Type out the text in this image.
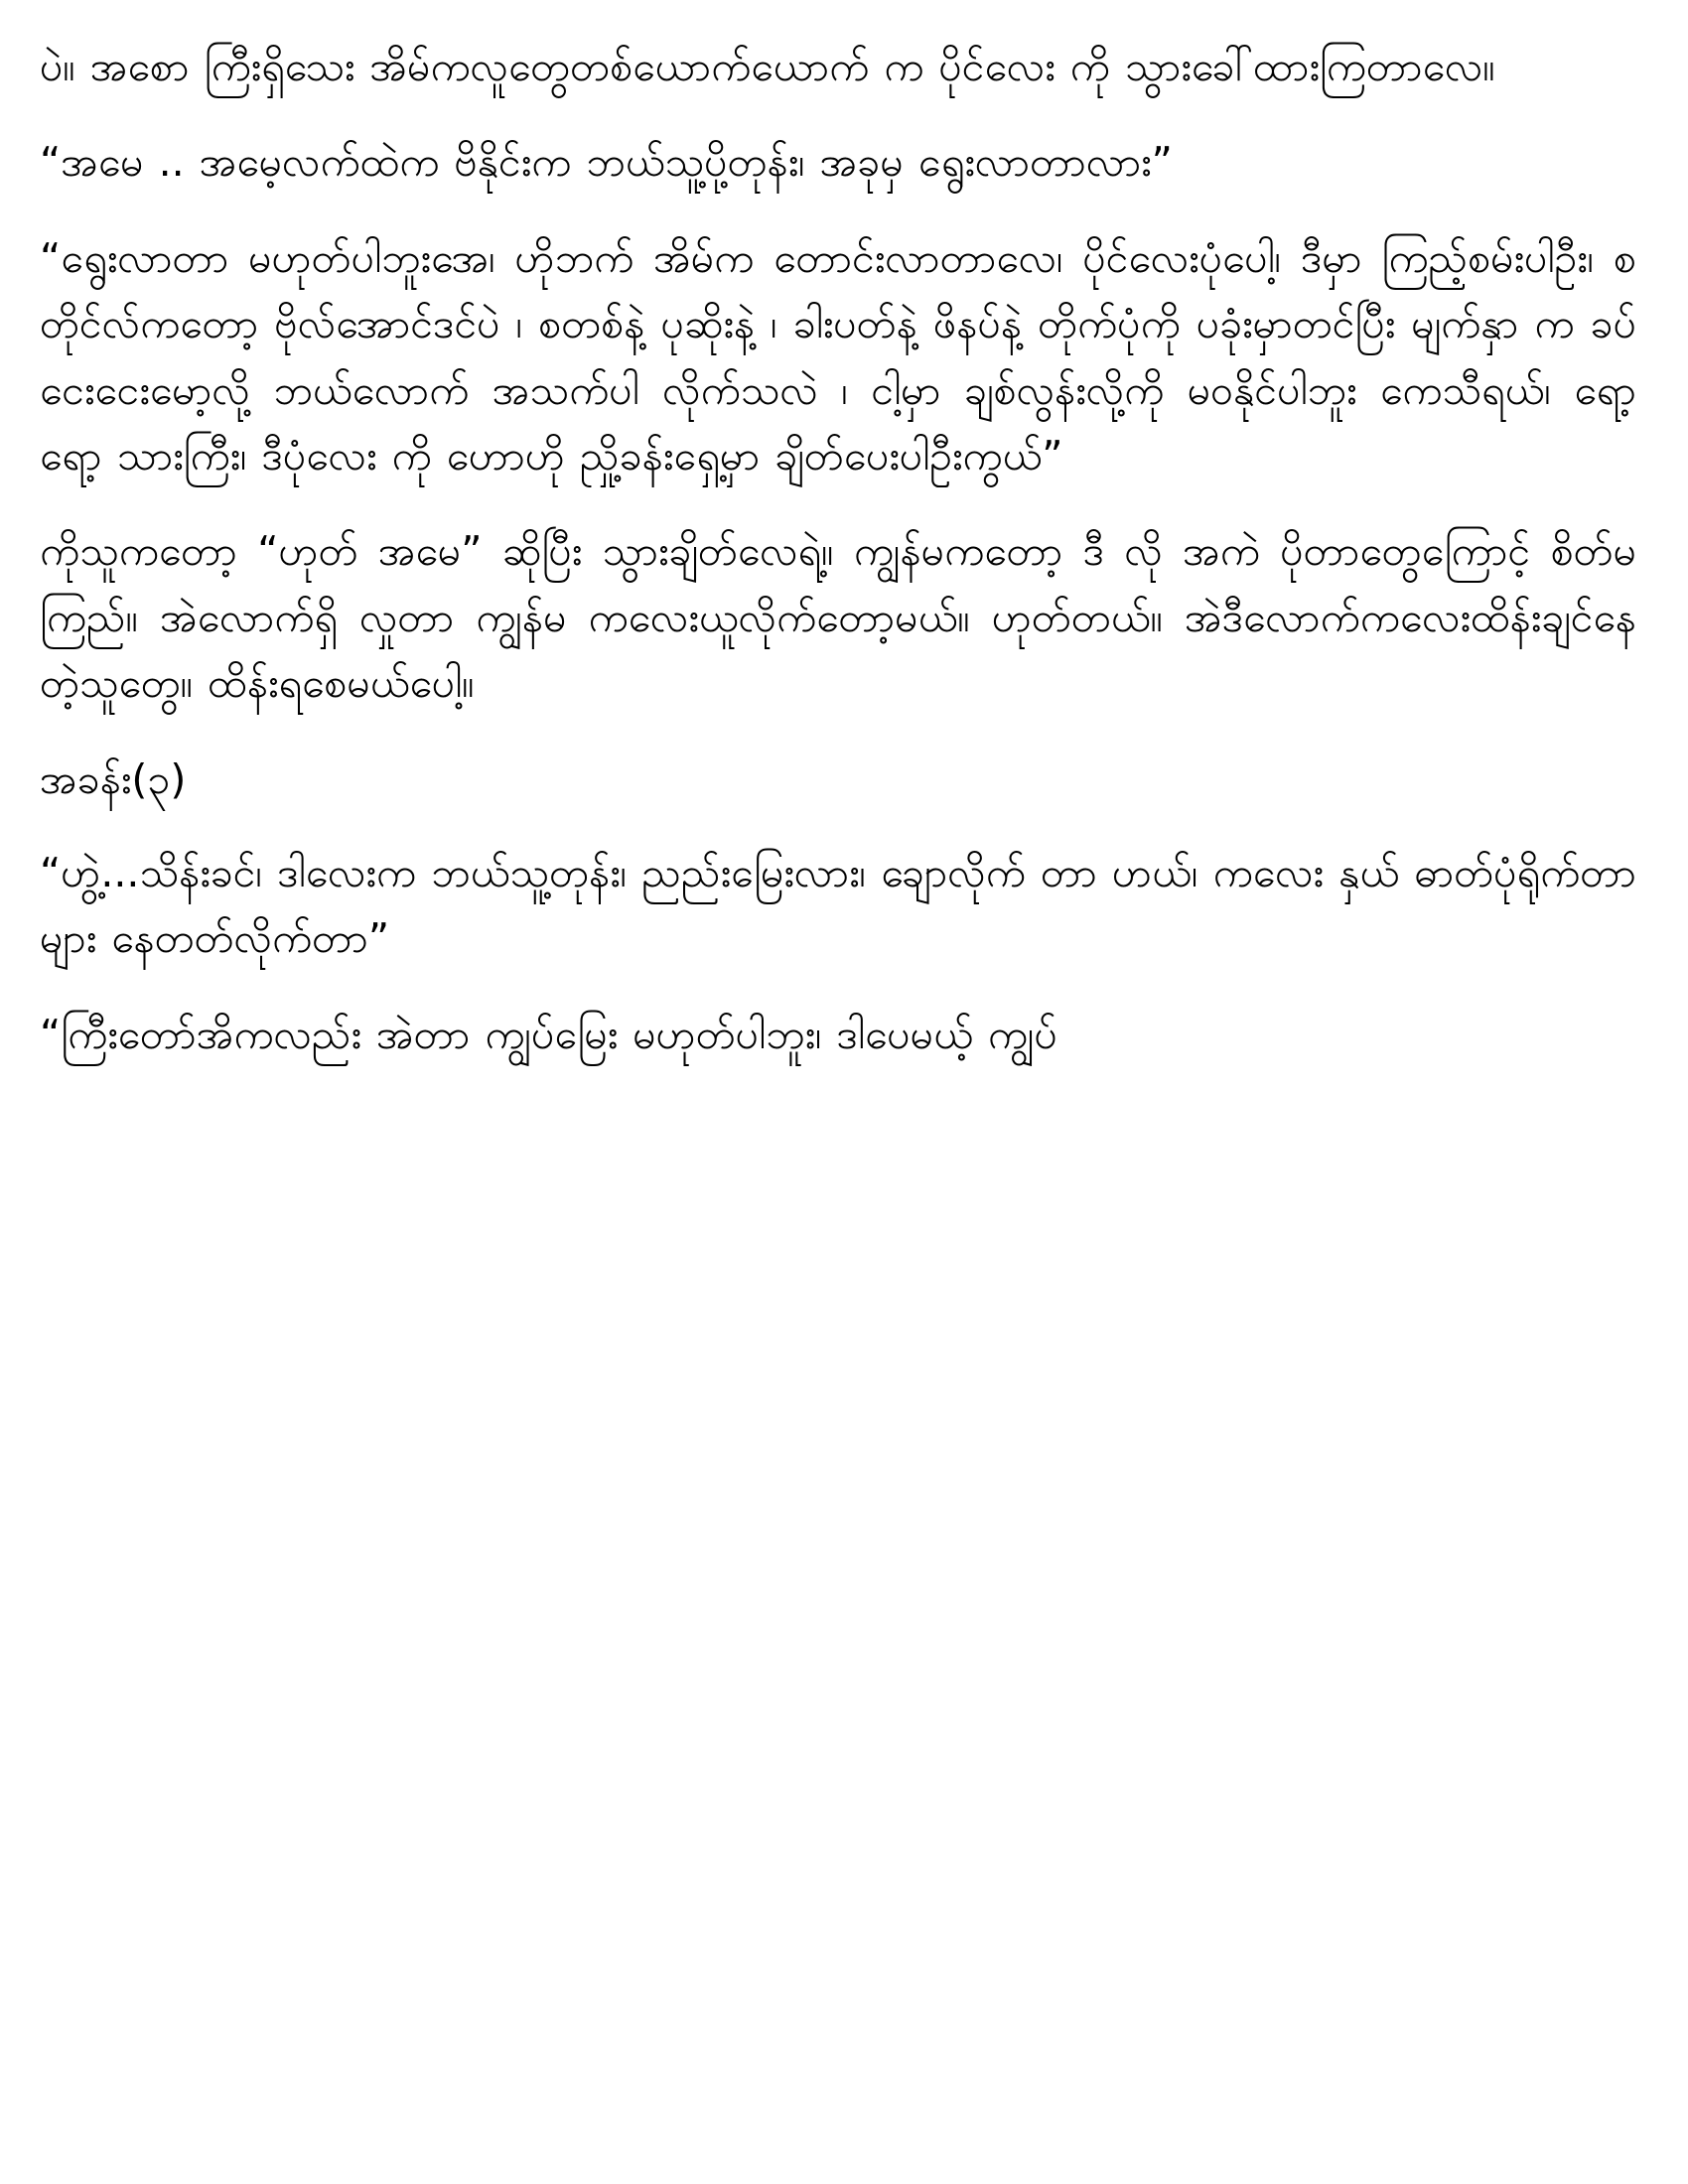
ပဲ။ အစော ကြီးရှိသေး အိမ်ကလူတွေတစ်ယောက်ယောက် က ပိုင်လေး ကို သွားခေါ်ထားကြတာလေ။

“အမေ .. အမေ့လက်ထဲက ဗိနိုင်းက ဘယ်သူ့ပို့တုန်း၊ အခုမှ ရွေးလာတာလား”

“ရွေးလာတာ မဟုတ်ပါဘူးအေ၊ ဟိုဘက် အိမ်က တောင်းလာတာလေ၊ ပိုင်လေးပုံပေါ့၊ ဒီမှာ ကြည့်စမ်းပါဦး၊ စတိုင်လ်ကတော့ ဗိုလ်အောင်ဒင်ပဲ ၊ စတစ်နဲ့ ပုဆိုးနဲ့ ၊ ခါးပတ်နဲ့ ဖိနပ်နဲ့ တိုက်ပုံကို ပခုံးမှာတင်ပြီး မျက်နှာ က ခပ်ငေးငေးမော့လို့ ဘယ်လောက် အသက်ပါ လိုက်သလဲ ၊ ငါ့မှာ ချစ်လွန်းလို့ကို မဝနိုင်ပါဘူး ကေသီရယ်၊ ရော့ ရော့ သားကြီး၊ ဒီပုံလေး ကို ဟောဟို ညှို့ခန်းရှေ့မှာ ချိတ်ပေးပါဦးကွယ်”

ကိုသူကတော့ “ဟုတ် အမေ” ဆိုပြီး သွားချိတ်လေရဲ့။ ကျွန်မကတော့ ဒီ လို အကဲ ပိုတာတွေကြောင့် စိတ်မကြည်။ အဲလောက်ရှိ လှုတာ ကျွန်မ ကလေးယူလိုက်တော့မယ်။ ဟုတ်တယ်။ အဲဒီလောက်ကလေးထိန်းချင်နေ တဲ့သူတွေ။ ထိန်းရစေမယ်ပေါ့။

အခန်း(၃)

“ဟွဲ့...သိန်းခင်၊ ဒါလေးက ဘယ်သူ့တုန်း၊ ညည်းမြေးလား၊ ချောလိုက် တာ ဟယ်၊ ကလေး နှယ် ဓာတ်ပုံရိုက်တာများ နေတတ်လိုက်တာ”

“ကြီးတော်အိကလည်း အဲတာ ကျွပ်မြေး မဟုတ်ပါဘူး၊ ဒါပေမယ့် ကျွပ်
